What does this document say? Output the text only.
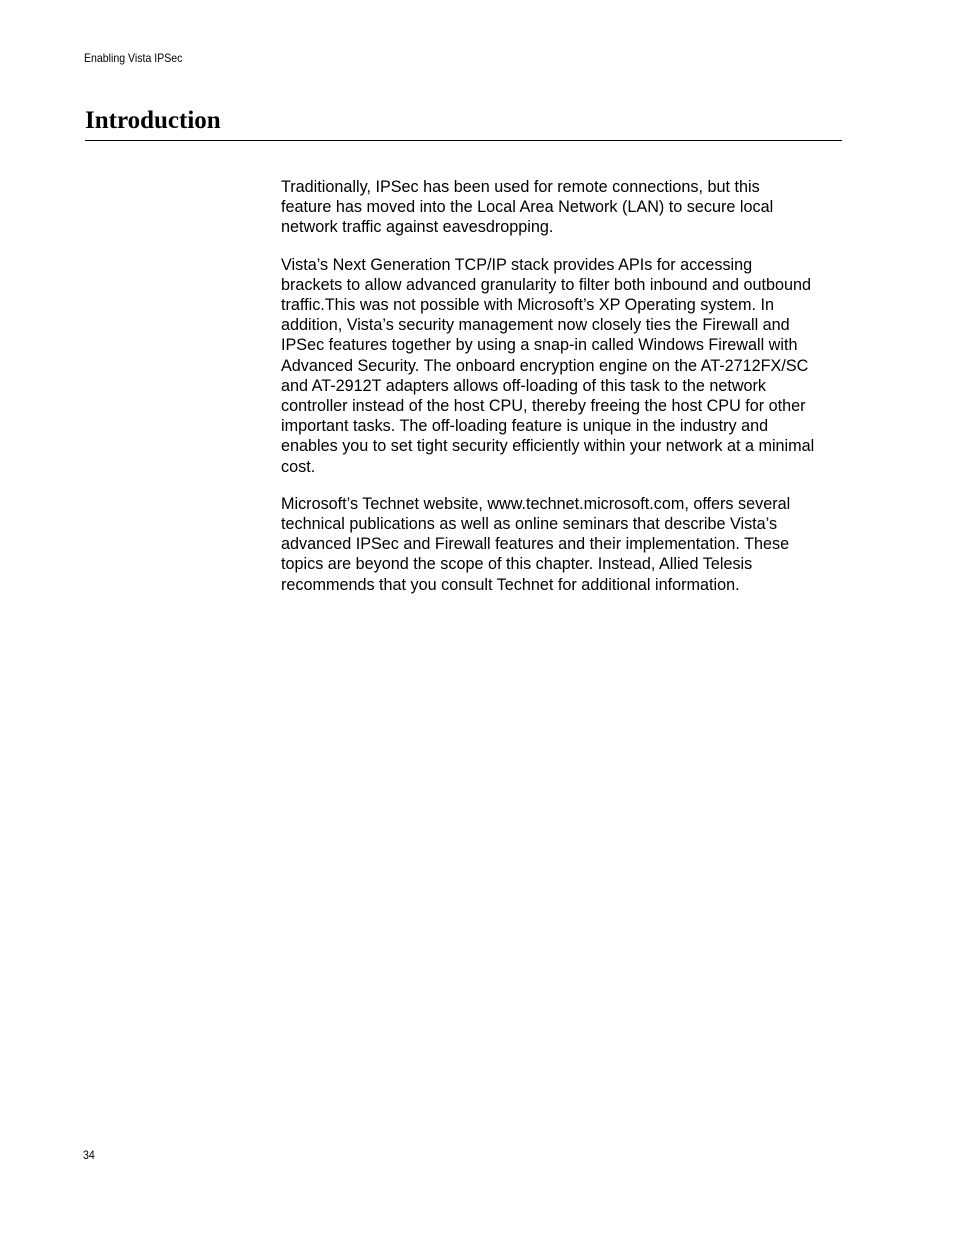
Enabling Vista IPSec
Introduction

Traditionally, IPSec has been used for remote connections, but this
feature has moved into the Local Area Network (LAN) to secure local
network traffic against eavesdropping.

Vista’s Next Generation TCP/IP stack provides APIs for accessing
brackets to allow advanced granularity to filter both inbound and outbound
traffic.This was not possible with Microsoft’s XP Operating system. In
addition, Vista’s security management now closely ties the Firewall and
IPSec features together by using a snap-in called Windows Firewall with
Advanced Security. The onboard encryption engine on the AT-2712FX/SC
and AT-2912T adapters allows off-loading of this task to the network
controller instead of the host CPU, thereby freeing the host CPU for other
important tasks. The off-loading feature is unique in the industry and
enables you to set tight security efficiently within your network at a minimal
cost.

Microsoft’s Technet website, www.technet.microsoft.com, offers several
technical publications as well as online seminars that describe Vista’s
advanced IPSec and Firewall features and their implementation. These
topics are beyond the scope of this chapter. Instead, Allied Telesis
recommends that you consult Technet for additional information.

34
